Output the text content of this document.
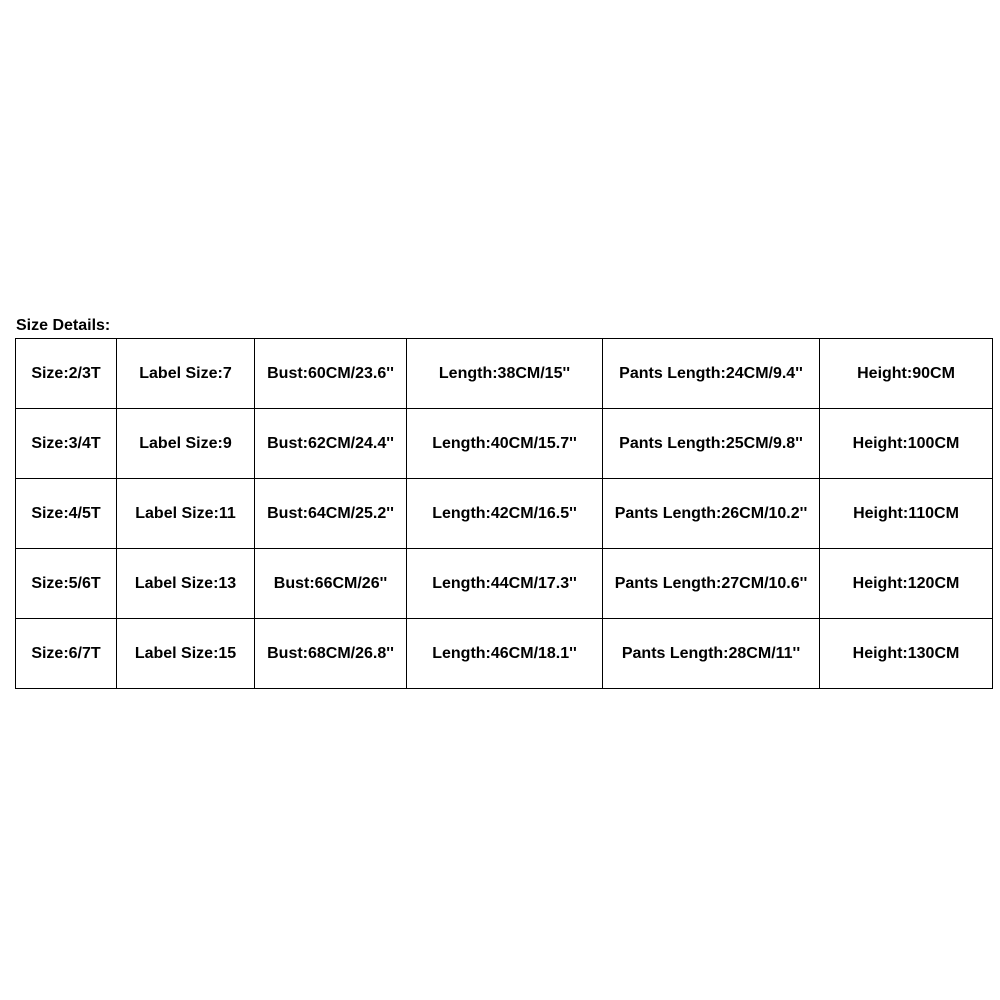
Size Details:
Size:2/3T	Label Size:7	Bust:60CM/23.6''	Length:38CM/15''	Pants Length:24CM/9.4''	Height:90CM
Size:3/4T	Label Size:9	Bust:62CM/24.4''	Length:40CM/15.7''	Pants Length:25CM/9.8''	Height:100CM
Size:4/5T	Label Size:11	Bust:64CM/25.2''	Length:42CM/16.5''	Pants Length:26CM/10.2''	Height:110CM
Size:5/6T	Label Size:13	Bust:66CM/26''	Length:44CM/17.3''	Pants Length:27CM/10.6''	Height:120CM
Size:6/7T	Label Size:15	Bust:68CM/26.8''	Length:46CM/18.1''	Pants Length:28CM/11''	Height:130CM
